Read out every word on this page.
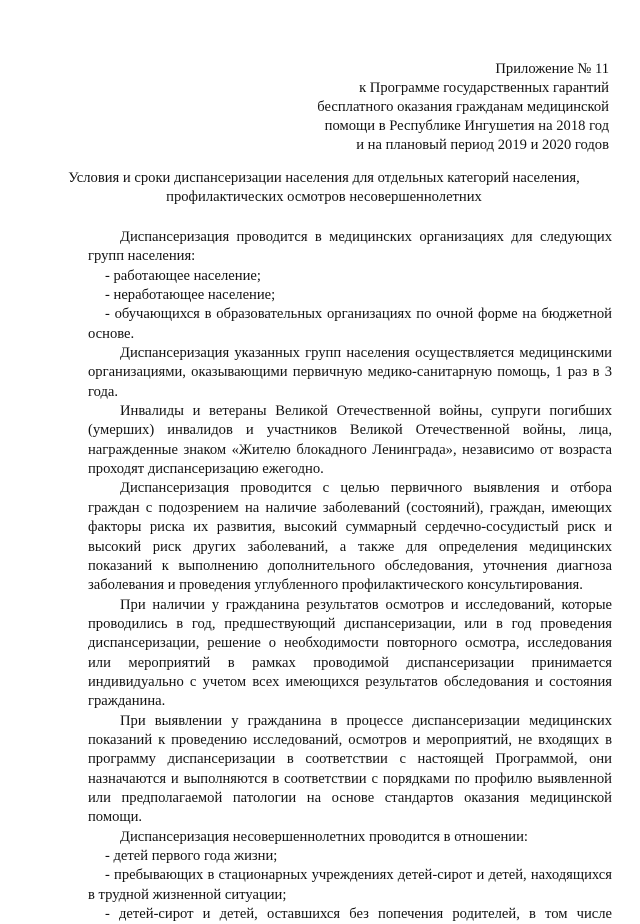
Приложение № 11
к Программе государственных гарантий
бесплатного оказания гражданам медицинской
помощи в Республике Ингушетия на 2018 год
и на плановый период 2019 и 2020 годов
Условия и сроки диспансеризации населения для отдельных категорий населения,
профилактических осмотров несовершеннолетних

Диспансеризация проводится в медицинских организациях для следующих групп населения:

- работающее население;

- неработающее население;

- обучающихся в образовательных организациях по очной форме на бюджетной основе.

Диспансеризация указанных групп населения осуществляется медицинскими организациями, оказывающими первичную медико-санитарную помощь, 1 раз в 3 года.

Инвалиды и ветераны Великой Отечественной войны, супруги погибших (умерших) инвалидов и участников Великой Отечественной войны, лица, награжденные знаком «Жителю блокадного Ленинграда», независимо от возраста проходят диспансеризацию ежегодно.

Диспансеризация проводится с целью первичного выявления и отбора граждан с подозрением на наличие заболеваний (состояний), граждан, имеющих факторы риска их развития, высокий суммарный сердечно-сосудистый риск и высокий риск других заболеваний, а также для определения медицинских показаний к выполнению дополнительного обследования, уточнения диагноза заболевания и проведения углубленного профилактического консультирования.

При наличии у гражданина результатов осмотров и исследований, которые проводились в год, предшествующий диспансеризации, или в год проведения диспансеризации, решение о необходимости повторного осмотра, исследования или мероприятий в рамках проводимой диспансеризации принимается индивидуально с учетом всех имеющихся результатов обследования и состояния гражданина.

При выявлении у гражданина в процессе диспансеризации медицинских показаний к проведению исследований, осмотров и мероприятий, не входящих в программу диспансеризации в соответствии с настоящей Программой, они назначаются и выполняются в соответствии с порядками по профилю выявленной или предполагаемой патологии на основе стандартов оказания медицинской помощи.

Диспансеризация несовершеннолетних проводится в отношении:

- детей первого года жизни;

- пребывающих в стационарных учреждениях детей-сирот и детей, находящихся в трудной жизненной ситуации;

- детей-сирот и детей, оставшихся без попечения родителей, в том числе
